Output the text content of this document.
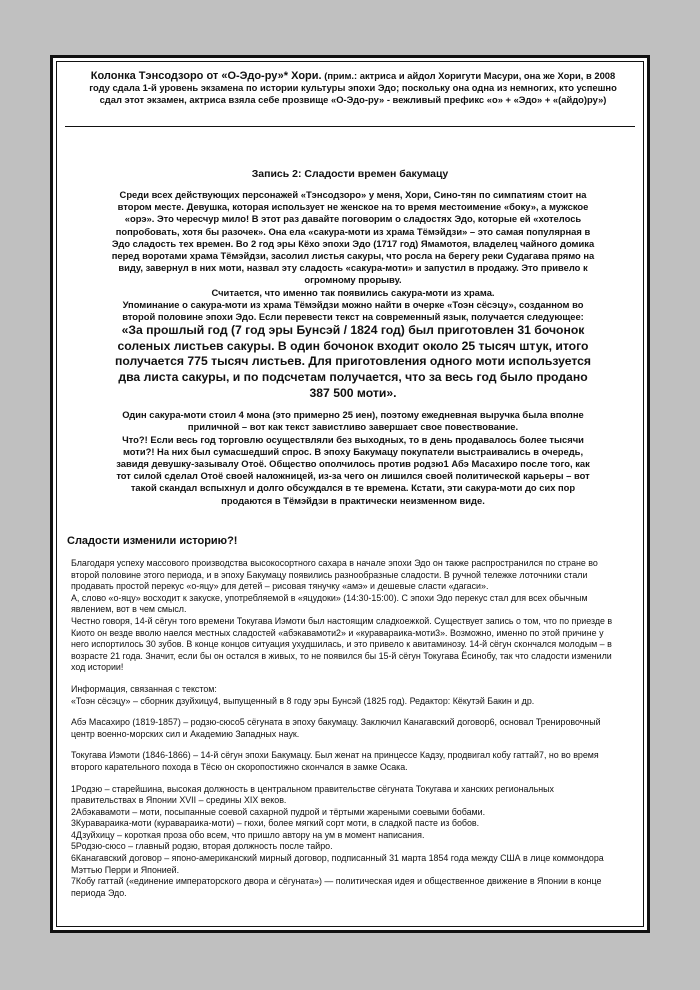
Колонка Тэнсодзоро от «О-Эдо-ру»* Хори. (прим.: актриса и айдол Хоригути Масури, она же Хори, в 2008 году сдала 1-й уровень экзамена по истории культуры эпохи Эдо; поскольку она одна из немногих, кто успешно сдал этот экзамен, актриса взяла себе прозвище «О-Эдо-ру» - вежливый префикс «о» + «Эдо» + «(айдо)ру»)
Запись 2: Сладости времен бакумацу

Среди всех действующих персонажей «Тэнсодзоро» у меня, Хори, Сино-тян по симпатиям стоит на втором месте. Девушка, которая использует не женское на то время местоимение «боку», а мужское «орэ». Это чересчур мило! В этот раз давайте поговорим о сладостях Эдо, которые ей «хотелось попробовать, хотя бы разочек». Она ела «сакура-моти из храма Тёмэйдзи» – это самая популярная в Эдо сладость тех времен. Во 2 год эры Кёхо эпохи Эдо (1717 год) Ямамотоя, владелец чайного домика перед воротами храма Тёмэйдзи, засолил листья сакуры, что росла на берегу реки Судагава прямо на виду, завернул в них моти, назвал эту сладость «сакура-моти» и запустил в продажу. Это привело к огромному прорыву.

Считается, что именно так появились сакура-моти из храма.

Упоминание о сакура-моти из храма Тёмэйдзи можно найти в очерке «Тоэн сёсэцу», созданном во второй половине эпохи Эдо. Если перевести текст на современный язык, получается следующее:

«За прошлый год (7 год эры Бунсэй / 1824 год) был приготовлен 31 бочонок соленых листьев сакуры. В один бочонок входит около 25 тысяч штук, итого получается 775 тысяч листьев. Для приготовления одного моти используется два листа сакуры, и по подсчетам получается, что за весь год было продано 387 500 моти».

Один сакура-моти стоил 4 мона (это примерно 25 иен), поэтому ежедневная выручка была вполне приличной – вот как текст завистливо завершает свое повествование.

Что?! Если весь год торговлю осуществляли без выходных, то в день продавалось более тысячи моти?! На них был сумасшедший спрос. В эпоху Бакумацу покупатели выстраивались в очередь, завидя девушку-зазывалу Отоё. Общество ополчилось против родзю1 Абэ Масахиро после того, как тот силой сделал Отоё своей наложницей, из-за чего он лишился своей политической карьеры – вот такой скандал вспыхнул и долго обсуждался в те времена. Кстати, эти сакура-моти до сих пор продаются в Тёмэйдзи в практически неизменном виде.

Сладости изменили историю?!

Благодаря успеху массового производства высокосортного сахара в начале эпохи Эдо он также распространился по стране во второй половине этого периода, и в эпоху Бакумацу появились разнообразные сладости. В ручной тележке лоточники стали продавать простой перекус «о-яцу» для детей – рисовая тянучку «амэ» и дешевые сласти «дагаси».

А, слово «о-яцу» восходит к закуске, употребляемой в «яцудоки» (14:30-15:00). С эпохи Эдо перекус стал для всех обычным явлением, вот в чем смысл.

Честно говоря, 14-й сёгун того времени Токугава Иэмоти был настоящим сладкоежкой. Существует запись о том, что по приезде в Киото он везде вволю наелся местных сладостей «абэкавамоти2» и «куравараика-моти3». Возможно, именно по этой причине у него испортилось 30 зубов. В конце концов ситуация ухудшилась, и это привело к авитаминозу. 14-й сёгун скончался молодым – в возрасте 21 года. Значит, если бы он остался в живых, то не появился бы 15-й сёгун Токугава Ёсинобу, так что сладости изменили ход истории!

Информация, связанная с текстом:

«Тоэн сёсэцу» – сборник дзуйхицу4, выпущенный в 8 году эры Бунсэй (1825 год). Редактор: Кёкутэй Бакин и др.

Абэ Масахиро (1819-1857) – родзю-сюсо5 сёгуната в эпоху бакумацу. Заключил Канагавский договор6, основал Тренировочный центр военно-морских сил и Академию Западных наук.

Токугава Иэмоти (1846-1866) – 14-й сёгун эпохи Бакумацу. Был женат на принцессе Кадзу, продвигал кобу гаттай7, но во время второго карательного похода в Тёсю он скоропостижно скончался в замке Осака.

1Родзю – старейшина, высокая должность в центральном правительстве сёгуната Токугава и ханских региональных правительствах в Японии XVII – средины XIX веков.

2Абэкавамоти – моти, посыпанные соевой сахарной пудрой и тёртыми жареными соевыми бобами.

3Куравараика-моти (куравараика-моти) – гюхи, более мягкий сорт моти, в сладкой пасте из бобов.

4Дзуйхицу – короткая проза обо всем, что пришло автору на ум в момент написания.

5Родзю-сюсо – главный родзю, вторая должность после тайро.

6Канагавский договор – японо-американский мирный договор, подписанный 31 марта 1854 года между США в лице коммондора Мэттью Перри и Японией.

7Кобу гаттай («единение императорского двора и сёгуната») — политическая идея и общественное движение в Японии в конце периода Эдо.
